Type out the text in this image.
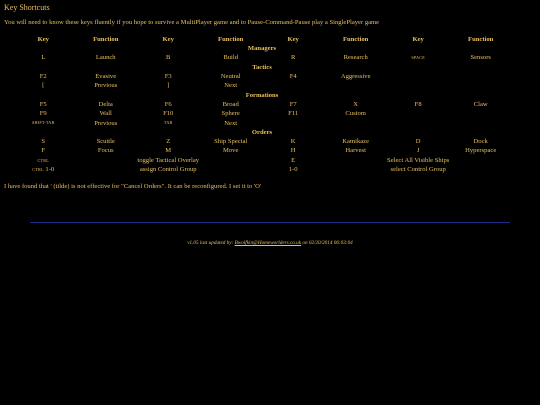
Key Shortcuts
You will need to know these keys fluently if you hope to survive a MultiPlayer game and to Pause-Command-Pause play a SinglePlayer game
Key	Function	Key	Function	Key	Function	Key	Function
Managers							
L	Launch	B	Build	R	Research	SPACE	Sensors
Tactics							
F2	Evasive	F3	Neutral	F4	Aggressive		
[	Previous	]	Next				
Formations							
F5	Delta	F6	Broad	F7	X	F8	Claw
F9	Wall	F10	Sphere	F11	Custom		
SHIFT-TAB	Previous	TAB	Next				
Orders							
S	Scuttle	Z	Ship Special	K	Kamikaze	D	Dock
F	Focus	M	Move	H	Harvest	J	Hyperspace
CTRL	toggle Tactical Overlay			E	Select All Visible Ships		
CTRL 1-0	assign Control Group			1-0	select Control Group		
I have found that ' (tilde) is not effective for "Cancel Orders". It can be reconfigured. I set it to 'O'
v1.05 last updated by: Bwolfkin@Homeworlders.co.uk on 02/20/2014 06:03:04
